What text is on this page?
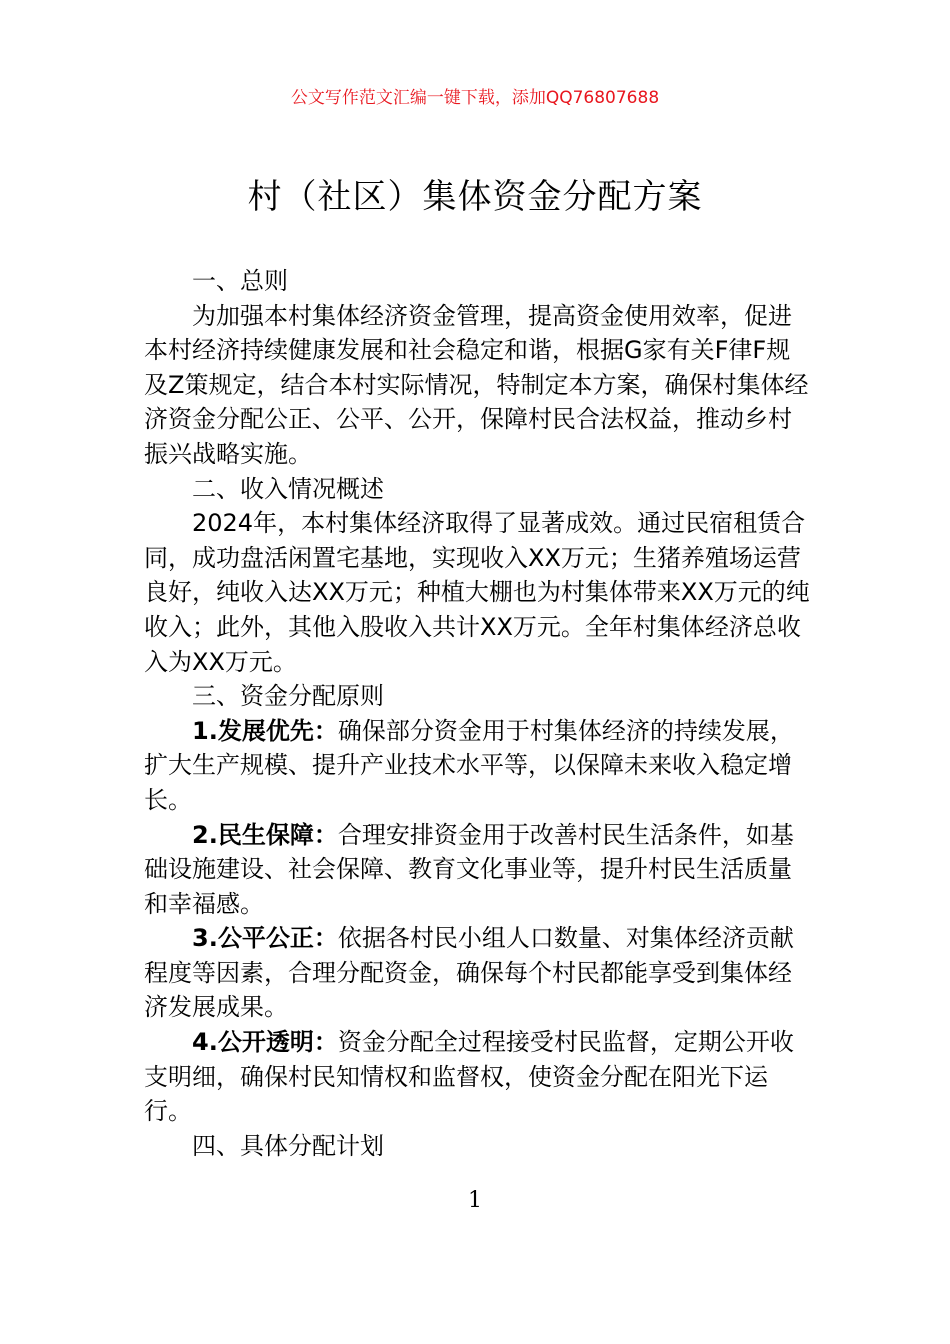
公文写作范文汇编一键下载，添加QQ76807688
村（社区）集体资金分配方案

一、总则

为加强本村集体经济资金管理，提高资金使用效率，促进本村经济持续健康发展和社会稳定和谐，根据G家有关F律F规及Z策规定，结合本村实际情况，特制定本方案，确保村集体经济资金分配公正、公平、公开，保障村民合法权益，推动乡村振兴战略实施。

二、收入情况概述

2024年，本村集体经济取得了显著成效。通过民宿租赁合同，成功盘活闲置宅基地，实现收入XX万元；生猪养殖场运营良好，纯收入达XX万元；种植大棚也为村集体带来XX万元的纯收入；此外，其他入股收入共计XX万元。全年村集体经济总收入为XX万元。

三、资金分配原则

1.发展优先：确保部分资金用于村集体经济的持续发展，扩大生产规模、提升产业技术水平等，以保障未来收入稳定增长。

2.民生保障：合理安排资金用于改善村民生活条件，如基础设施建设、社会保障、教育文化事业等，提升村民生活质量和幸福感。

3.公平公正：依据各村民小组人口数量、对集体经济贡献程度等因素，合理分配资金，确保每个村民都能享受到集体经济发展成果。

4.公开透明：资金分配全过程接受村民监督，定期公开收支明细，确保村民知情权和监督权，使资金分配在阳光下运行。

四、具体分配计划

1
